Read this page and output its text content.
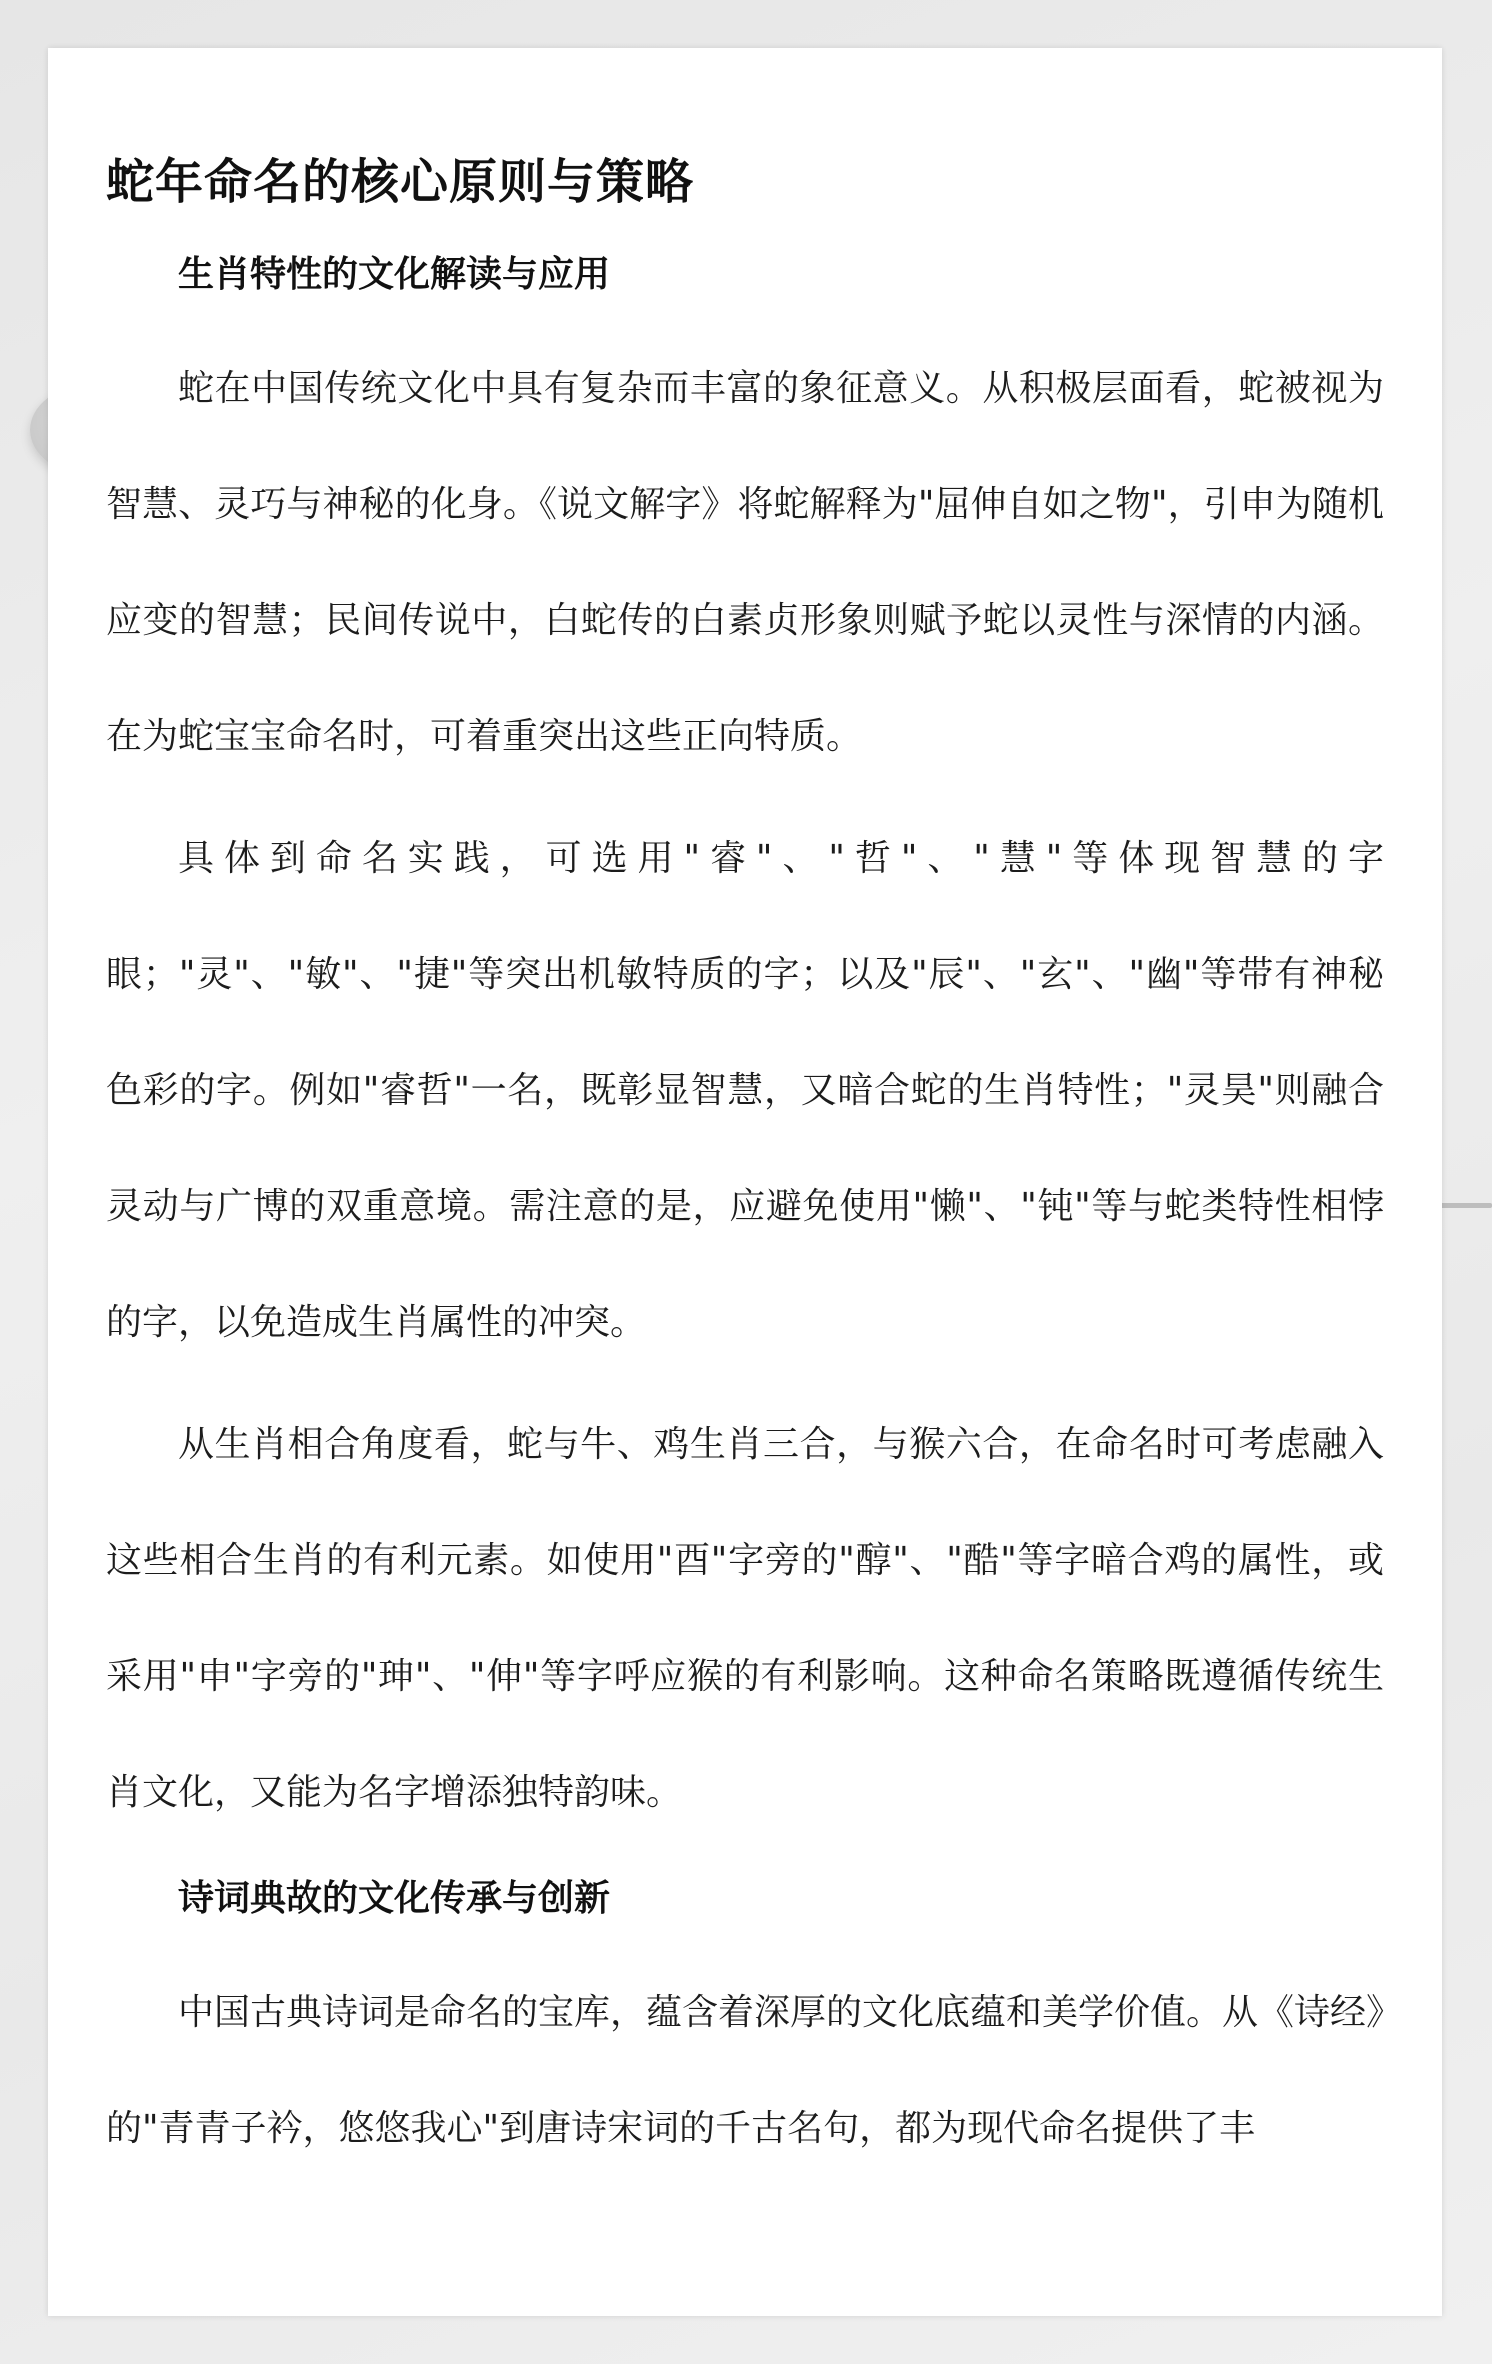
蛇年命名的核心原则与策略
生肖特性的文化解读与应用

蛇在中国传统文化中具有复杂而丰富的象征意义。从积极层面看，蛇被视为智慧、灵巧与神秘的化身。《说文解字》将蛇解释为"屈伸自如之物"，引申为随机应变的智慧；民间传说中，白蛇传的白素贞形象则赋予蛇以灵性与深情的内涵。在为蛇宝宝命名时，可着重突出这些正向特质。

具体到命名实践，可选用"睿"、"哲"、"慧"等体现智慧的字眼；"灵"、"敏"、"捷"等突出机敏特质的字；以及"辰"、"玄"、"幽"等带有神秘色彩的字。例如"睿哲"一名，既彰显智慧，又暗合蛇的生肖特性；"灵昊"则融合灵动与广博的双重意境。需注意的是，应避免使用"懒"、"钝"等与蛇类特性相悖的字，以免造成生肖属性的冲突。

从生肖相合角度看，蛇与牛、鸡生肖三合，与猴六合，在命名时可考虑融入这些相合生肖的有利元素。如使用"酉"字旁的"醇"、"酷"等字暗合鸡的属性，或采用"申"字旁的"珅"、"伸"等字呼应猴的有利影响。这种命名策略既遵循传统生肖文化，又能为名字增添独特韵味。

诗词典故的文化传承与创新

中国古典诗词是命名的宝库，蕴含着深厚的文化底蕴和美学价值。从《诗经》的"青青子衿，悠悠我心"到唐诗宋词的千古名句，都为现代命名提供了丰
